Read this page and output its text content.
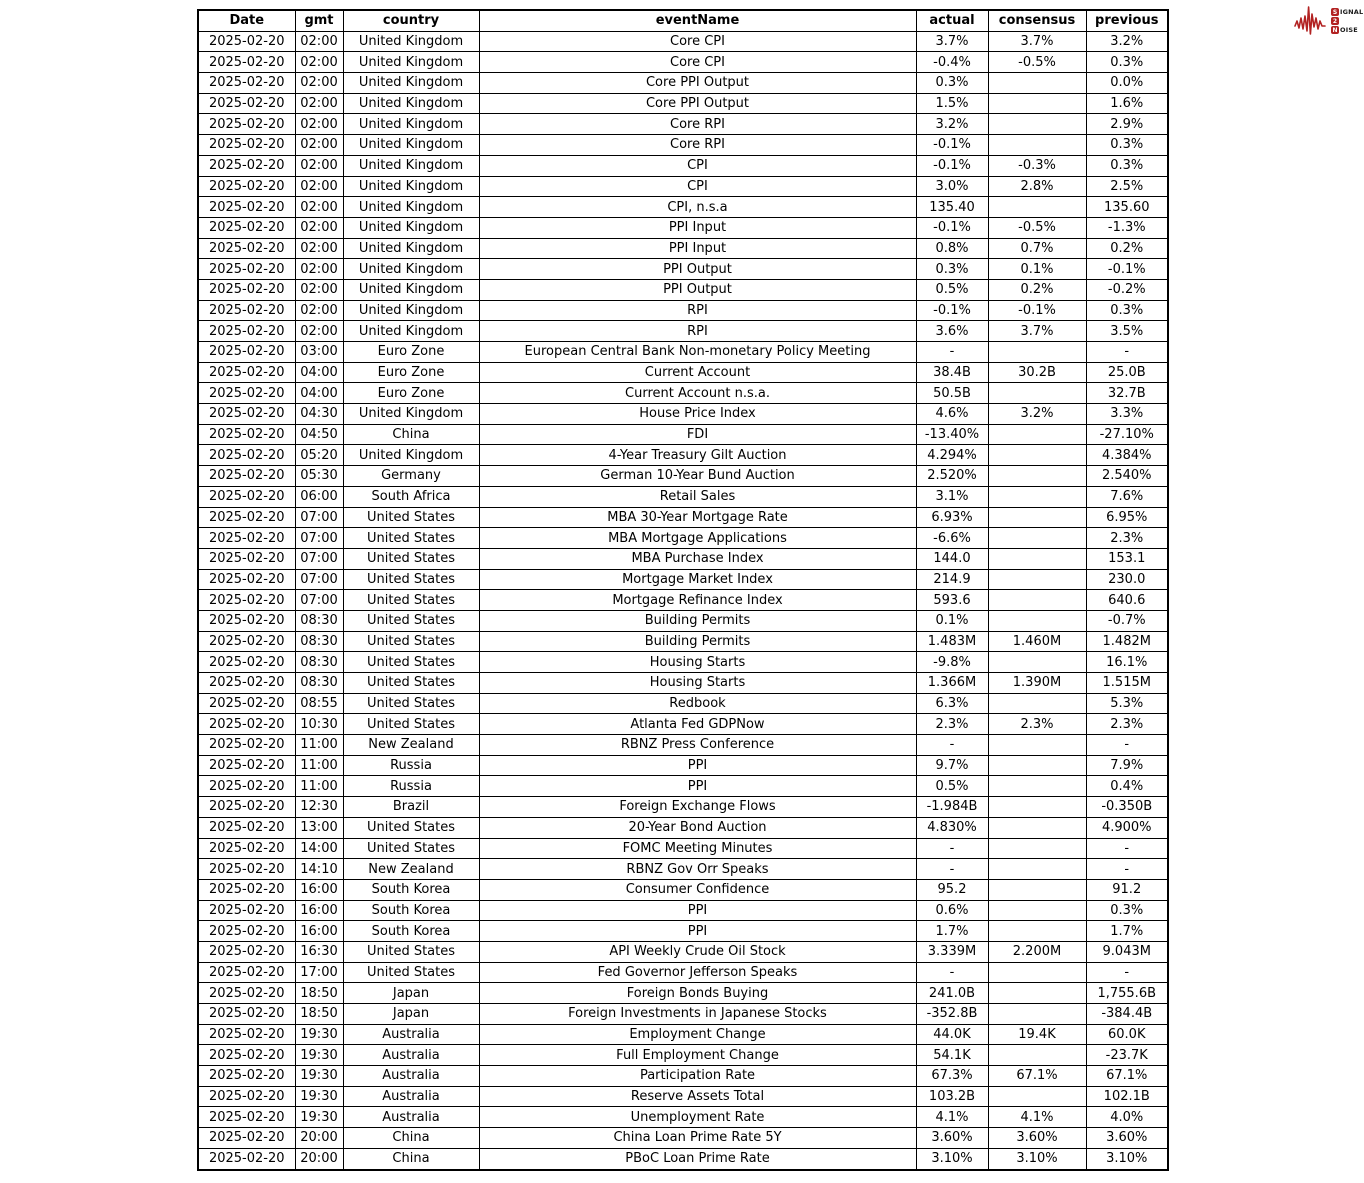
Date	gmt	country	eventName	actual	consensus	previous
2025-02-20	02:00	United Kingdom	Core CPI	3.7%	3.7%	3.2%
2025-02-20	02:00	United Kingdom	Core CPI	-0.4%	-0.5%	0.3%
2025-02-20	02:00	United Kingdom	Core PPI Output	0.3%		0.0%
2025-02-20	02:00	United Kingdom	Core PPI Output	1.5%		1.6%
2025-02-20	02:00	United Kingdom	Core RPI	3.2%		2.9%
2025-02-20	02:00	United Kingdom	Core RPI	-0.1%		0.3%
2025-02-20	02:00	United Kingdom	CPI	-0.1%	-0.3%	0.3%
2025-02-20	02:00	United Kingdom	CPI	3.0%	2.8%	2.5%
2025-02-20	02:00	United Kingdom	CPI, n.s.a	135.40		135.60
2025-02-20	02:00	United Kingdom	PPI Input	-0.1%	-0.5%	-1.3%
2025-02-20	02:00	United Kingdom	PPI Input	0.8%	0.7%	0.2%
2025-02-20	02:00	United Kingdom	PPI Output	0.3%	0.1%	-0.1%
2025-02-20	02:00	United Kingdom	PPI Output	0.5%	0.2%	-0.2%
2025-02-20	02:00	United Kingdom	RPI	-0.1%	-0.1%	0.3%
2025-02-20	02:00	United Kingdom	RPI	3.6%	3.7%	3.5%
2025-02-20	03:00	Euro Zone	European Central Bank Non-monetary Policy Meeting	-		-
2025-02-20	04:00	Euro Zone	Current Account	38.4B	30.2B	25.0B
2025-02-20	04:00	Euro Zone	Current Account n.s.a.	50.5B		32.7B
2025-02-20	04:30	United Kingdom	House Price Index	4.6%	3.2%	3.3%
2025-02-20	04:50	China	FDI	-13.40%		-27.10%
2025-02-20	05:20	United Kingdom	4-Year Treasury Gilt Auction	4.294%		4.384%
2025-02-20	05:30	Germany	German 10-Year Bund Auction	2.520%		2.540%
2025-02-20	06:00	South Africa	Retail Sales	3.1%		7.6%
2025-02-20	07:00	United States	MBA 30-Year Mortgage Rate	6.93%		6.95%
2025-02-20	07:00	United States	MBA Mortgage Applications	-6.6%		2.3%
2025-02-20	07:00	United States	MBA Purchase Index	144.0		153.1
2025-02-20	07:00	United States	Mortgage Market Index	214.9		230.0
2025-02-20	07:00	United States	Mortgage Refinance Index	593.6		640.6
2025-02-20	08:30	United States	Building Permits	0.1%		-0.7%
2025-02-20	08:30	United States	Building Permits	1.483M	1.460M	1.482M
2025-02-20	08:30	United States	Housing Starts	-9.8%		16.1%
2025-02-20	08:30	United States	Housing Starts	1.366M	1.390M	1.515M
2025-02-20	08:55	United States	Redbook	6.3%		5.3%
2025-02-20	10:30	United States	Atlanta Fed GDPNow	2.3%	2.3%	2.3%
2025-02-20	11:00	New Zealand	RBNZ Press Conference	-		-
2025-02-20	11:00	Russia	PPI	9.7%		7.9%
2025-02-20	11:00	Russia	PPI	0.5%		0.4%
2025-02-20	12:30	Brazil	Foreign Exchange Flows	-1.984B		-0.350B
2025-02-20	13:00	United States	20-Year Bond Auction	4.830%		4.900%
2025-02-20	14:00	United States	FOMC Meeting Minutes	-		-
2025-02-20	14:10	New Zealand	RBNZ Gov Orr Speaks	-		-
2025-02-20	16:00	South Korea	Consumer Confidence	95.2		91.2
2025-02-20	16:00	South Korea	PPI	0.6%		0.3%
2025-02-20	16:00	South Korea	PPI	1.7%		1.7%
2025-02-20	16:30	United States	API Weekly Crude Oil Stock	3.339M	2.200M	9.043M
2025-02-20	17:00	United States	Fed Governor Jefferson Speaks	-		-
2025-02-20	18:50	Japan	Foreign Bonds Buying	241.0B		1,755.6B
2025-02-20	18:50	Japan	Foreign Investments in Japanese Stocks	-352.8B		-384.4B
2025-02-20	19:30	Australia	Employment Change	44.0K	19.4K	60.0K
2025-02-20	19:30	Australia	Full Employment Change	54.1K		-23.7K
2025-02-20	19:30	Australia	Participation Rate	67.3%	67.1%	67.1%
2025-02-20	19:30	Australia	Reserve Assets Total	103.2B		102.1B
2025-02-20	19:30	Australia	Unemployment Rate	4.1%	4.1%	4.0%
2025-02-20	20:00	China	China Loan Prime Rate 5Y	3.60%	3.60%	3.60%
2025-02-20	20:00	China	PBoC Loan Prime Rate	3.10%	3.10%	3.10%
S IGNAL
2
N OISE
